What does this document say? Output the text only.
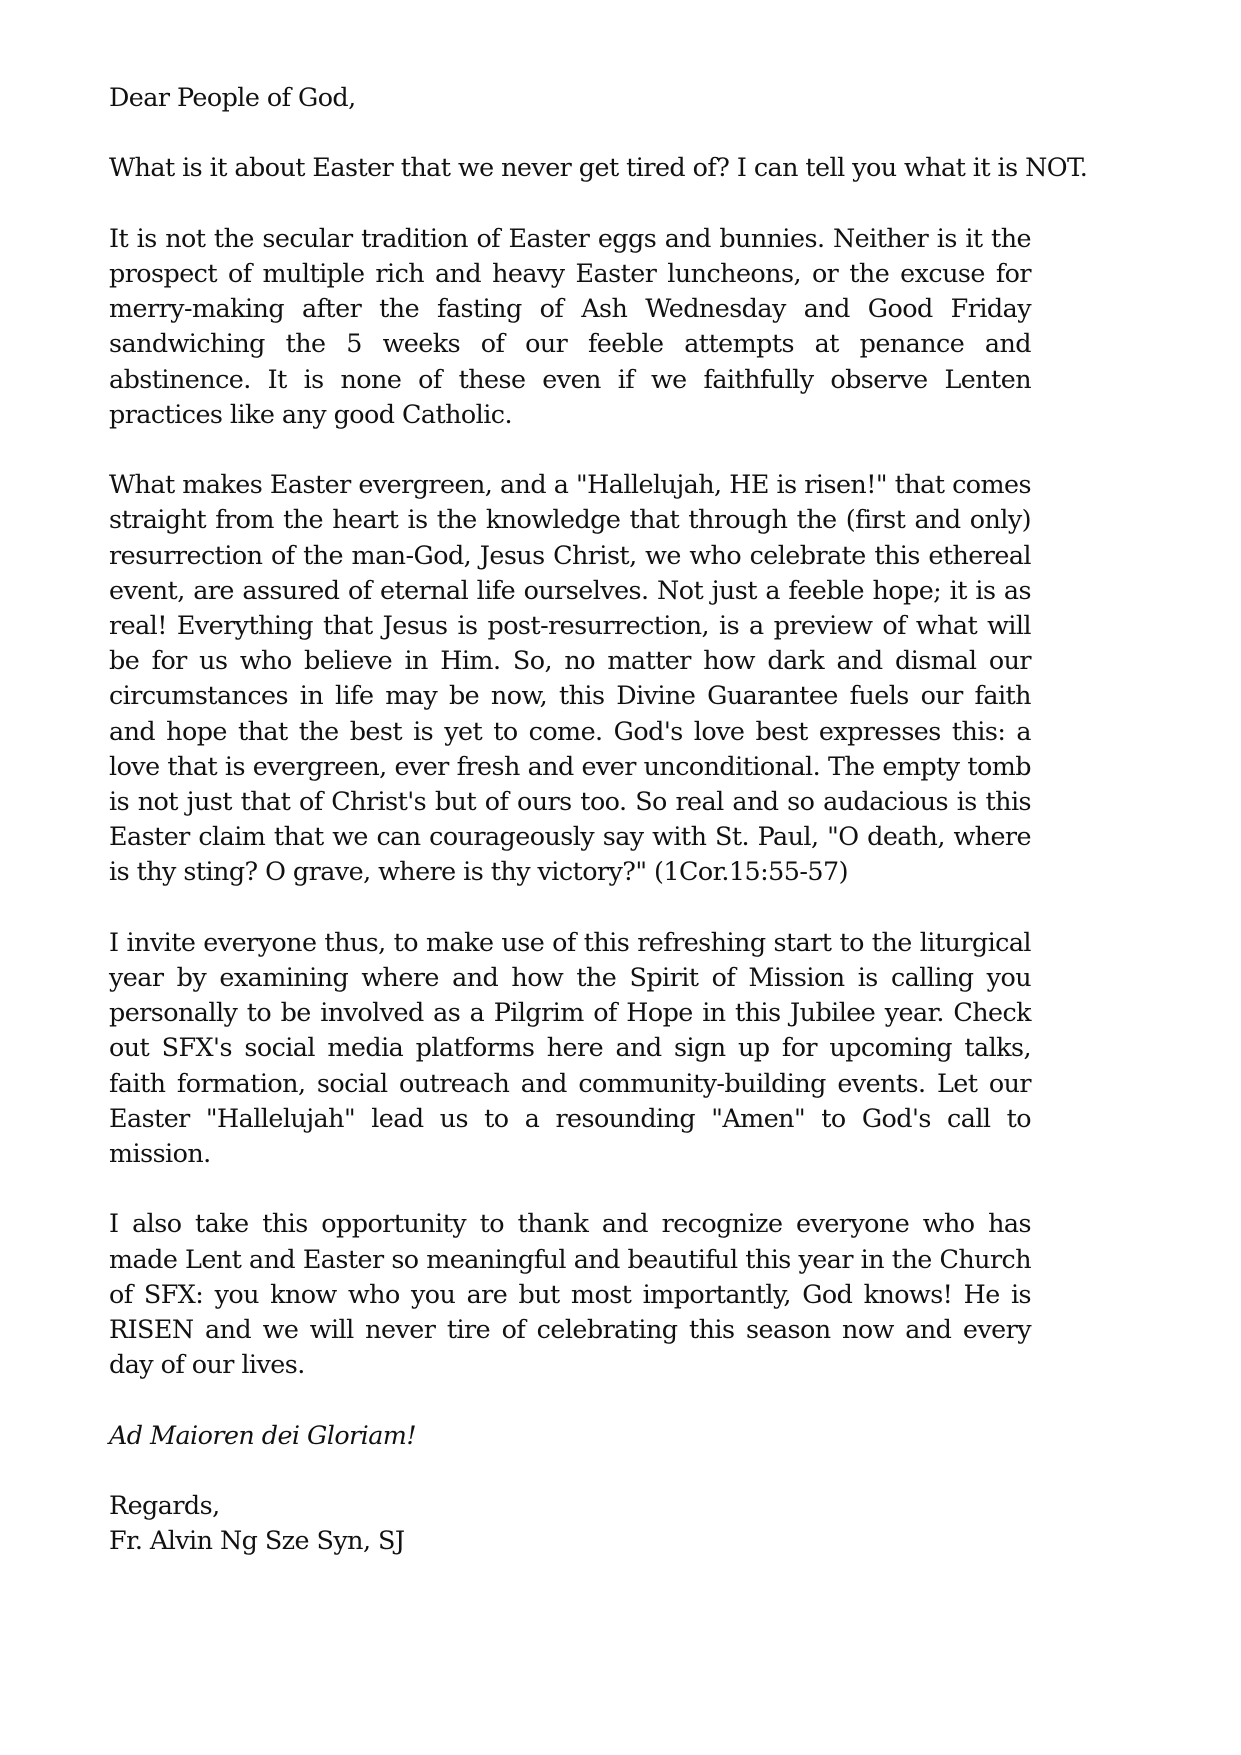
Dear People of God,

What is it about Easter that we never get tired of? I can tell you what it is NOT.

It is not the secular tradition of Easter eggs and bunnies. Neither is it the prospect of multiple rich and heavy Easter luncheons, or the excuse for merry-making after the fasting of Ash Wednesday and Good Friday sandwiching the 5 weeks of our feeble attempts at penance and abstinence. It is none of these even if we faithfully observe Lenten practices like any good Catholic.

What makes Easter evergreen, and a "Hallelujah, HE is risen!" that comes straight from the heart is the knowledge that through the (first and only) resurrection of the man-God, Jesus Christ, we who celebrate this ethereal event, are assured of eternal life ourselves. Not just a feeble hope; it is as real! Everything that Jesus is post-resurrection, is a preview of what will be for us who believe in Him. So, no matter how dark and dismal our circumstances in life may be now, this Divine Guarantee fuels our faith and hope that the best is yet to come. God's love best expresses this: a love that is evergreen, ever fresh and ever unconditional. The empty tomb is not just that of Christ's but of ours too. So real and so audacious is this Easter claim that we can courageously say with St. Paul, "O death, where is thy sting? O grave, where is thy victory?" (1Cor.15:55-57)

I invite everyone thus, to make use of this refreshing start to the liturgical year by examining where and how the Spirit of Mission is calling you personally to be involved as a Pilgrim of Hope in this Jubilee year. Check out SFX's social media platforms here and sign up for upcoming talks, faith formation, social outreach and community-building events. Let our Easter "Hallelujah" lead us to a resounding "Amen" to God's call to mission.

I also take this opportunity to thank and recognize everyone who has made Lent and Easter so meaningful and beautiful this year in the Church of SFX: you know who you are but most importantly, God knows! He is RISEN and we will never tire of celebrating this season now and every day of our lives.

Ad Maioren dei Gloriam!

Regards,
Fr. Alvin Ng Sze Syn, SJ
